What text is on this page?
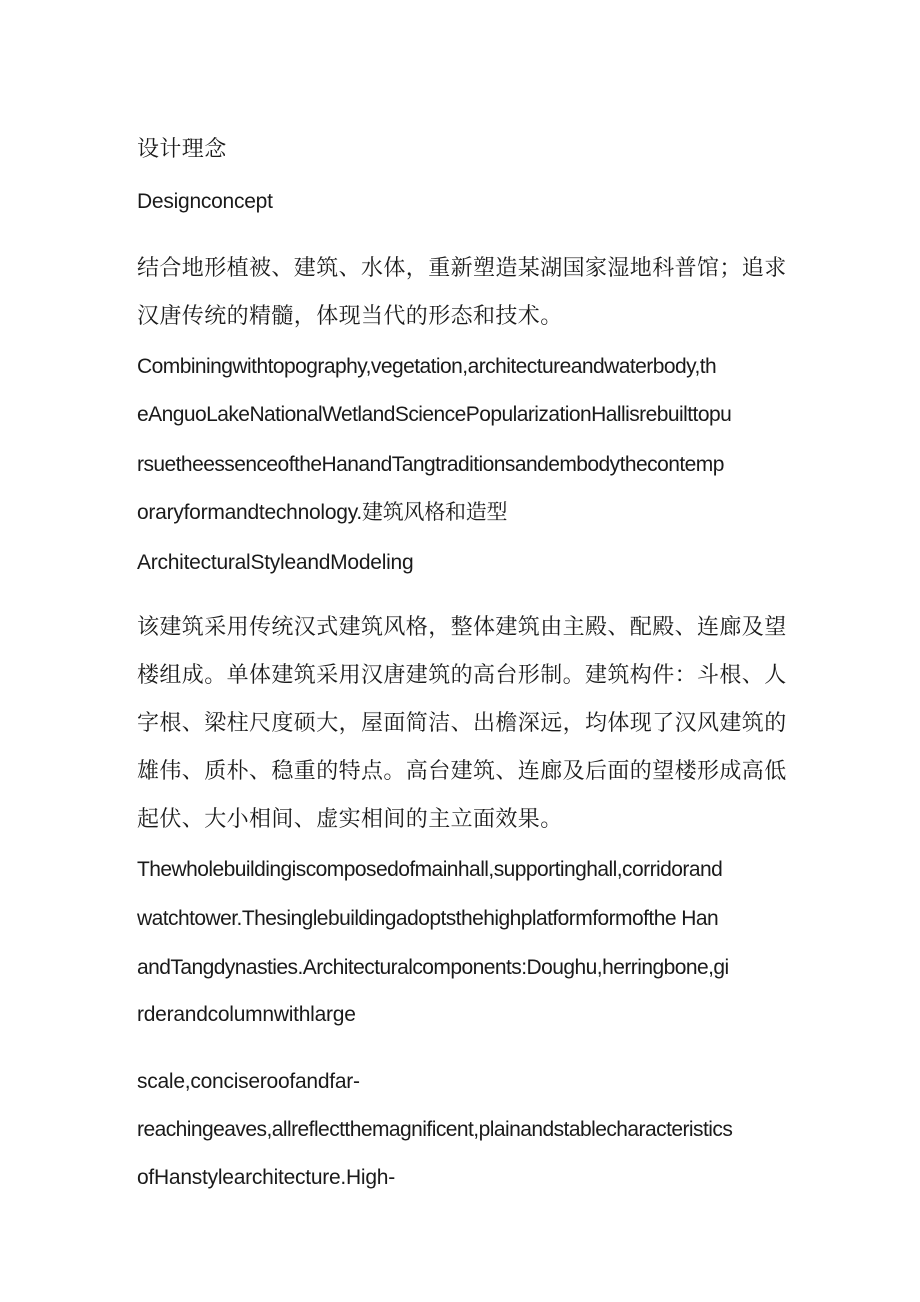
设计理念

Designconcept

结合地形植被、建筑、水体，重新塑造某湖国家湿地科普馆；追求

汉唐传统的精髓，体现当代的形态和技术。

Combiningwithtopography,vegetation,architectureandwaterbody,th

eAnguoLakeNationalWetlandSciencePopularizationHallisrebuilttopu

rsuetheessenceoftheHanandTangtraditionsandembodythecontemp

oraryformandtechnology.建筑风格和造型

ArchitecturalStyleandModeling

该建筑采用传统汉式建筑风格，整体建筑由主殿、配殿、连廊及望

楼组成。单体建筑采用汉唐建筑的高台形制。建筑构件：斗根、人

字根、梁柱尺度硕大，屋面简洁、出檐深远，均体现了汉风建筑的

雄伟、质朴、稳重的特点。高台建筑、连廊及后面的望楼形成高低

起伏、大小相间、虚实相间的主立面效果。

Thewholebuildingiscomposedofmainhall,supportinghall,corridorand

watchtower.Thesinglebuildingadoptsthehighplatformformofthe Han

andTangdynasties.Architecturalcomponents:Doughu,herringbone,gi

rderandcolumnwithlarge

scale,conciseroofandfar-

reachingeaves,allreflectthemagnificent,plainandstablecharacteristics

ofHanstylearchitecture.High-
